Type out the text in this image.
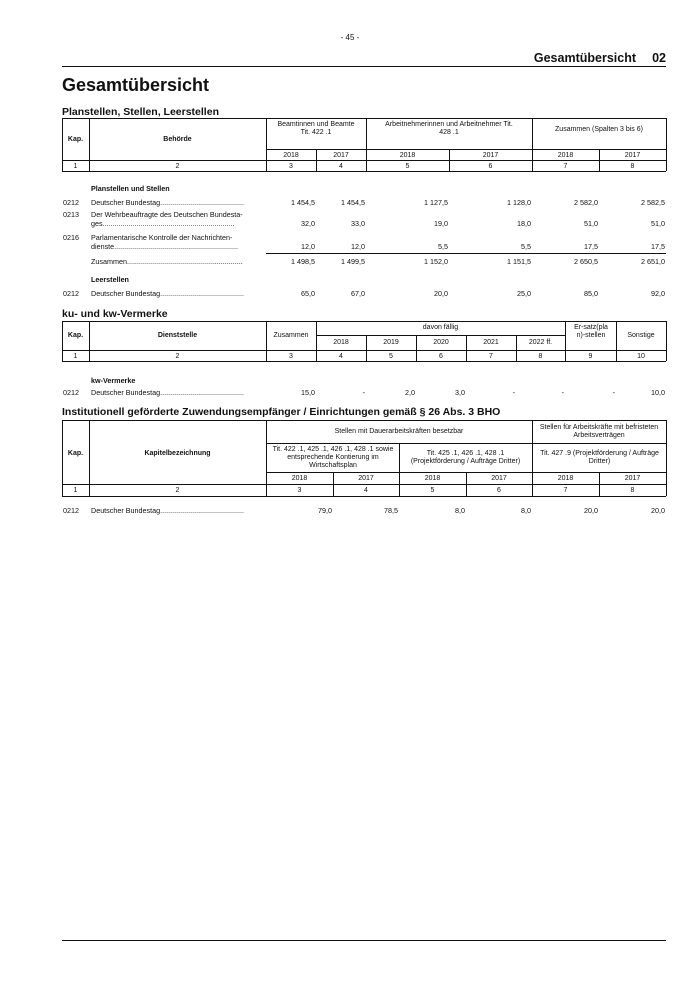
- 45 -
Gesamtübersicht 02
Gesamtübersicht
Planstellen, Stellen, Leerstellen
Kap.	Behörde
Beamtinnen und Beamte Tit. 422 .1
Arbeitnehmerinnen und Arbeitnehmer Tit. 428 .1	Zusammen (Spalten 3 bis 6)
2018	2017	2018	2017	2018	2017
1	2	3	4	5	6	7	8
Planstellen und Stellen
0212 Deutscher Bundestag..........................................	1 454,5	1 454,5	1 127,5	1 128,0	2 582,0	2 582,5
0213 Der Wehrbeauftragte des Deutschen Bundesta-
ges..................................................................	32,0	33,0	19,0	18,0	51,0	51,0
0216 Parlamentarische Kontrolle der Nachrichten-
dienste..............................................................	12,0	12,0	5,5	5,5	17,5	17,5
Zusammen..........................................................	1 498,5	1 499,5	1 152,0	1 151,5	2 650,5	2 651,0
Leerstellen
0212 Deutscher Bundestag..........................................	65,0	67,0	20,0	25,0	85,0	92,0
ku- und kw-Vermerke
Kap.	Dienststelle	Zusammen
davon fällig	Er-satz(plan)-stellen	Sonstige
2018	2019	2020	2021	2022 ff.
1	2	3	4	5	6	7	8	9	10
kw-Vermerke
0212 Deutscher Bundestag..........................................	15,0	-	2,0	3,0	-	-	-	10,0
Institutionell geförderte Zuwendungsempfänger / Einrichtungen gemäß § 26 Abs. 3 BHO
Kap.	Kapitelbezeichnung
Stellen mit Dauerarbeitskräften besetzbar
Stellen für Arbeitskräfte mit befristeten Arbeitsverträgen
Tit. 422 .1, 425 .1, 426 .1, 428 .1 sowie entsprechende Kontierung im Wirtschaftsplan
Tit. 425 .1, 426 .1, 428 .1 (Projektförderung / Aufträge Dritter)
Tit. 427 .9 (Projektförderung / Aufträge Dritter)
2018	2017	2018	2017	2018	2017
1	2	3	4	5	6	7	8
0212 Deutscher Bundestag..........................................	79,0	78,5	8,0	8,0	20,0	20,0
